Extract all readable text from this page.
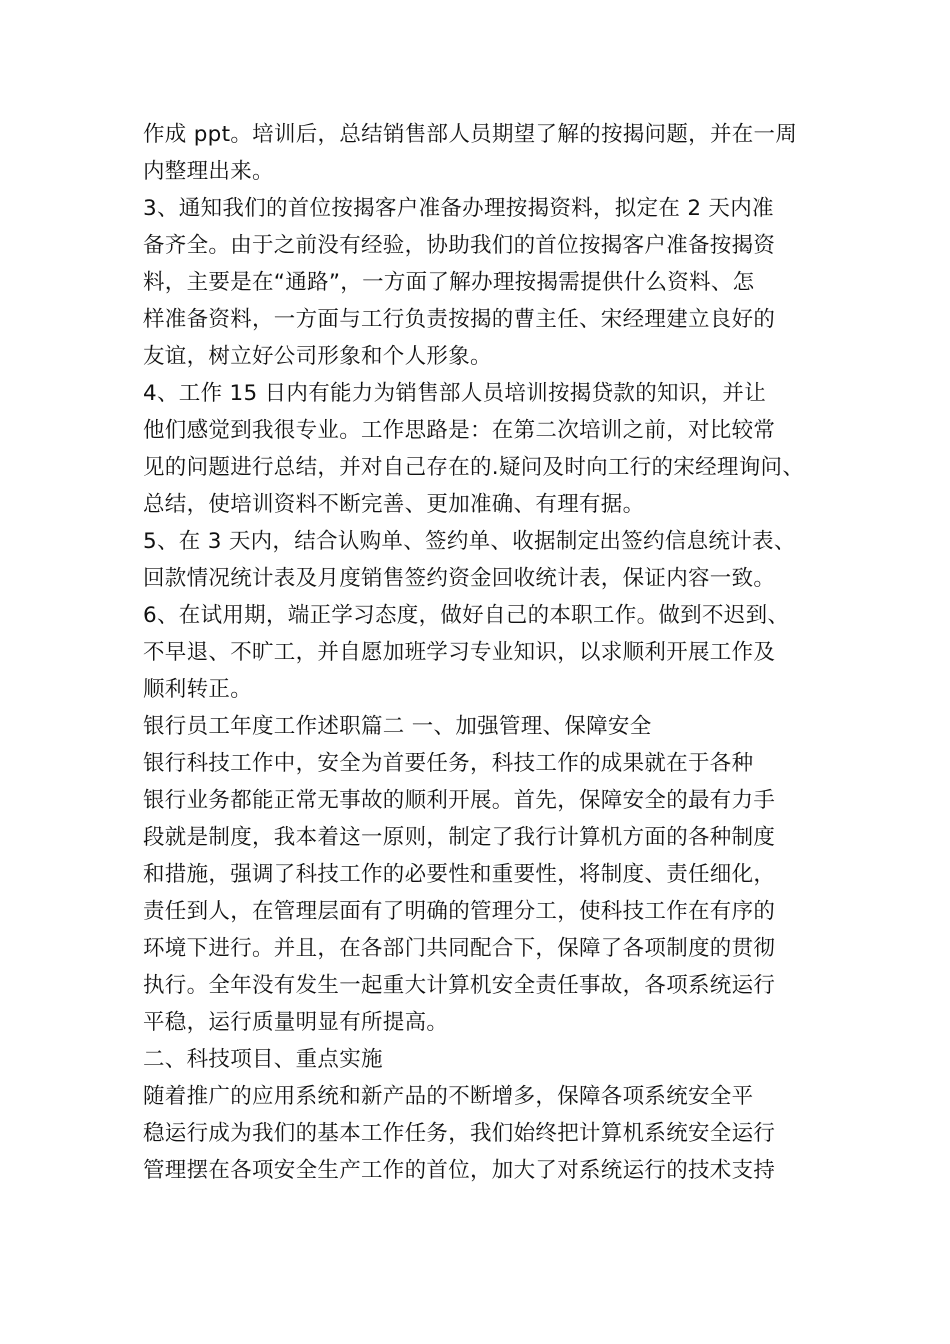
作成 ppt。培训后，总结销售部人员期望了解的按揭问题，并在一周
内整理出来。
3、通知我们的首位按揭客户准备办理按揭资料，拟定在 2 天内准
备齐全。由于之前没有经验，协助我们的首位按揭客户准备按揭资
料，主要是在“通路”，一方面了解办理按揭需提供什么资料、怎
样准备资料，一方面与工行负责按揭的曹主任、宋经理建立良好的
友谊，树立好公司形象和个人形象。
4、工作 15 日内有能力为销售部人员培训按揭贷款的知识，并让
他们感觉到我很专业。工作思路是：在第二次培训之前，对比较常
见的问题进行总结，并对自己存在的.疑问及时向工行的宋经理询问、
总结，使培训资料不断完善、更加准确、有理有据。
5、在 3 天内，结合认购单、签约单、收据制定出签约信息统计表、
回款情况统计表及月度销售签约资金回收统计表，保证内容一致。
6、在试用期，端正学习态度，做好自己的本职工作。做到不迟到、
不早退、不旷工，并自愿加班学习专业知识，以求顺利开展工作及
顺利转正。
银行员工年度工作述职篇二 一、加强管理、保障安全
银行科技工作中，安全为首要任务，科技工作的成果就在于各种
银行业务都能正常无事故的顺利开展。首先，保障安全的最有力手
段就是制度，我本着这一原则，制定了我行计算机方面的各种制度
和措施，强调了科技工作的必要性和重要性，将制度、责任细化，
责任到人，在管理层面有了明确的管理分工，使科技工作在有序的
环境下进行。并且，在各部门共同配合下，保障了各项制度的贯彻
执行。全年没有发生一起重大计算机安全责任事故，各项系统运行
平稳，运行质量明显有所提高。
二、科技项目、重点实施
随着推广的应用系统和新产品的不断增多，保障各项系统安全平
稳运行成为我们的基本工作任务，我们始终把计算机系统安全运行
管理摆在各项安全生产工作的首位，加大了对系统运行的技术支持
